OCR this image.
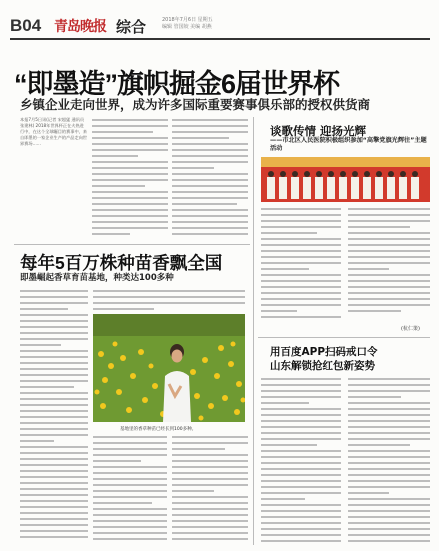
B04 青岛晚报 综合	2018年7月6日 星期五
编辑 管国姣 美编 胡燕
“即墨造”旗帜掘金6届世界杯
乡镇企业走向世界，成为许多国际重要赛事俱乐部的授权供货商
本报7月5日讯(记者 宋超猛 通讯员 张建林) 2018年世界杯正在火热进行中，在这个全球瞩目的赛事中，来自即墨的一家企业生产的产品走向世界赛场……
每年5百万株种苗香飘全国
即墨崛起香草育苗基地，种类达100多种
基地里的香草种苗已经长到100多种。
谈歌传情 迎扬光辉
——市北区人民医院积极组织参加“高擎党旗光辉往”主题活动
(杭仁策)
用百度APP扫码戒口令
山东解锁抢红包新姿势
